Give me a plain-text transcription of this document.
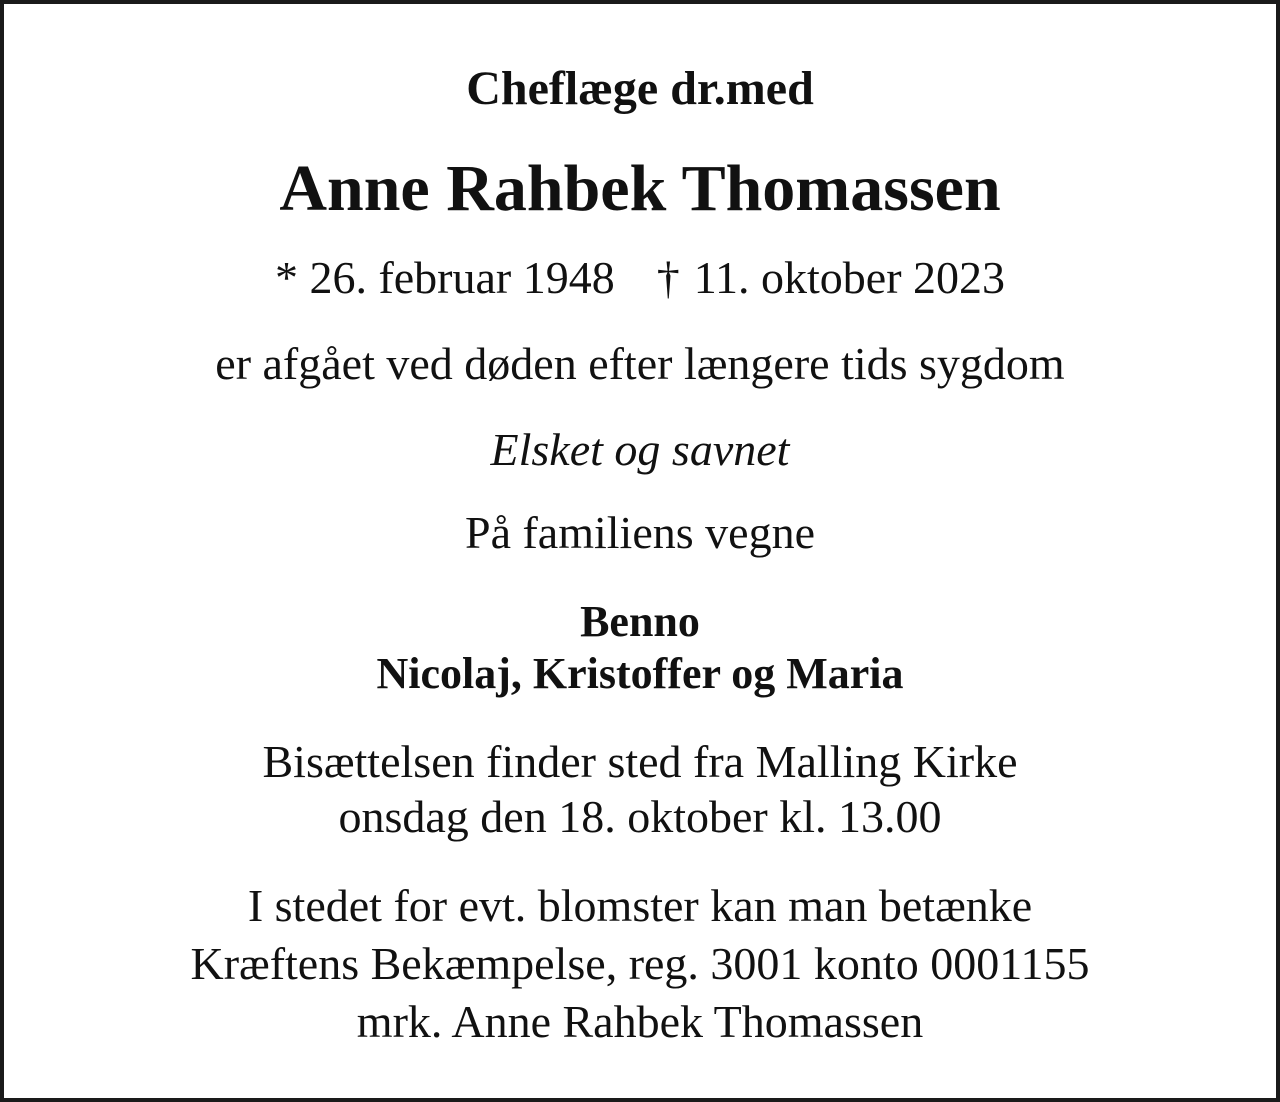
Cheflæge dr.med
Anne Rahbek Thomassen
* 26. februar 1948 † 11. oktober 2023
er afgået ved døden efter længere tids sygdom
Elsket og savnet
På familiens vegne
Benno
Nicolaj, Kristoffer og Maria
Bisættelsen finder sted fra Malling Kirke
onsdag den 18. oktober kl. 13.00
I stedet for evt. blomster kan man betænke
Kræftens Bekæmpelse, reg. 3001 konto 0001155
mrk. Anne Rahbek Thomassen
